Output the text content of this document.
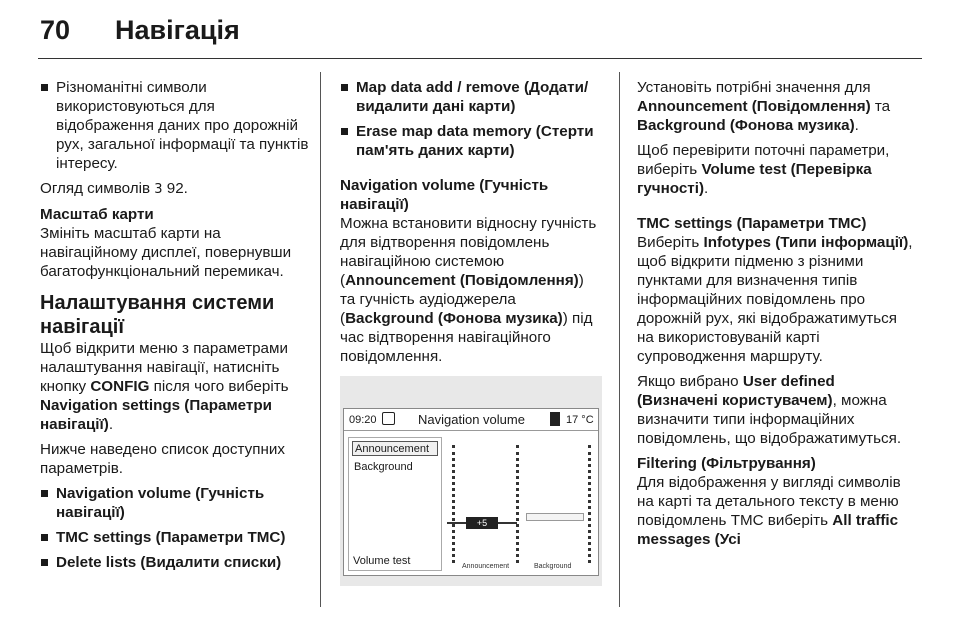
70 Навігація
Різноманітні символи використовуються для відображення даних про дорожній рух, загальної інформації та пунктів інтересу.
Огляд символів 3 92.
Масштаб карти
Змініть масштаб карти на навігаційному дисплеї, повернувши багатофункціональний перемикач.
Налаштування системи навігації
Щоб відкрити меню з параметрами налаштування навігації, натисніть кнопку CONFIG після чого виберіть Navigation settings (Параметри навігації).
Нижче наведено список доступних параметрів.
Navigation volume (Гучність навігації)
TMC settings (Параметри TMC)
Delete lists (Видалити списки)
Map data add / remove (Додати/ видалити дані карти)
Erase map data memory (Стерти пам'ять даних карти)
Navigation volume (Гучність навігації)
Можна встановити відносну гучність для відтворення повідомлень навігаційною системою (Announcement (Повідомлення)) та гучність аудіоджерела (Background (Фонова музика)) під час відтворення навігаційного повідомлення.
09:20	Navigation volume	17 °C
Announcement
Background
Volume test
+5
Announcement	Background
Установіть потрібні значення для Announcement (Повідомлення) та Background (Фонова музика).
Щоб перевірити поточні параметри, виберіть Volume test (Перевірка гучності).
TMC settings (Параметри TMC)
Виберіть Infotypes (Типи інформації), щоб відкрити підменю з різними пунктами для визначення типів інформаційних повідомлень про дорожній рух, які відображатимуться на використовуваній карті супроводження маршруту.
Якщо вибрано User defined (Визначені користувачем), можна визначити типи інформаційних повідомлень, що відображатимуться.
Filtering (Фільтрування)
Для відображення у вигляді символів на карті та детального тексту в меню повідомлень TMC виберіть All traffic messages (Усі
